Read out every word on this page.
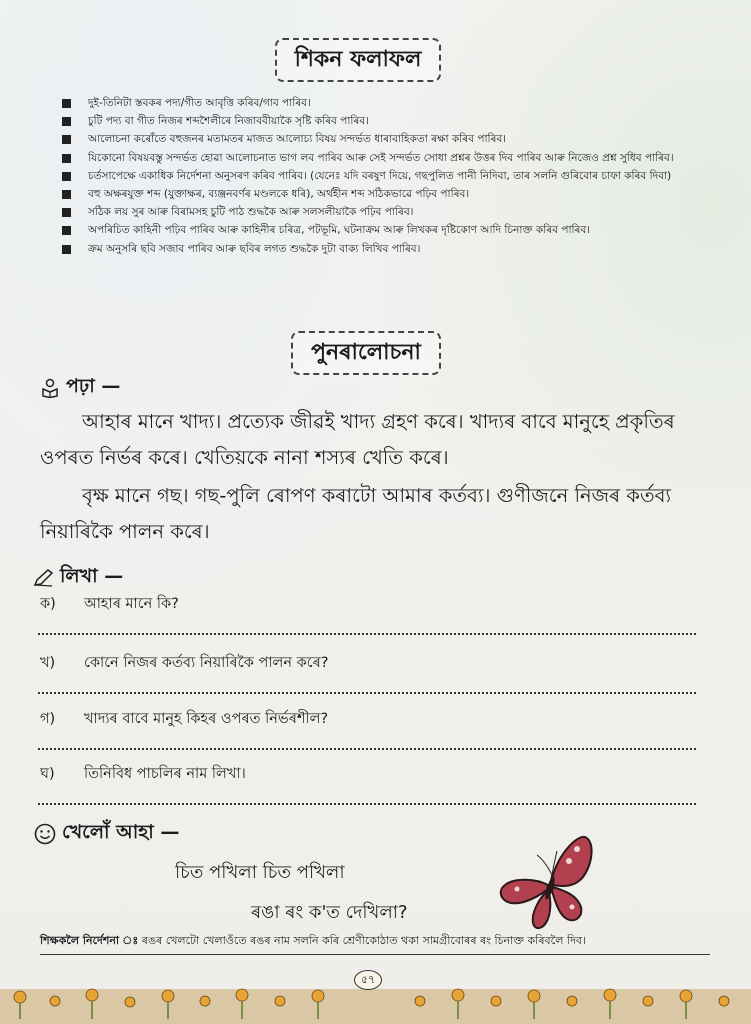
শিকন ফলাফল
দুই-তিনিটা স্তবকৰ পদ্য/গীত আবৃত্তি কৰিব/গাব পাৰিব।
চুটি পদ্য বা গীত নিজৰ শব্দশৈলীৰে নিজাববীয়াকৈ সৃষ্টি কৰিব পাৰিব।
আলোচনা কৰোঁতে বহুজনৰ মতামতৰ মাজত আলোচ্য বিষয় সন্দৰ্ভত ধাৰাবাহিকতা ৰক্ষা কৰিব পাৰিব।
যিকোনো বিষয়বস্তু সন্দৰ্ভত হোৱা আলোচনাত ভাগ লব পাৰিব আৰু সেই সন্দৰ্ভত সোধা প্ৰশ্নৰ উত্তৰ দিব পাৰিব আৰু নিজেও প্ৰশ্ন সুধিব পাৰিব।
চৰ্তসাপেক্ষে একাধিক নিৰ্দেশনা অনুসৰণ কৰিব পাৰিব। (যেনেঃ যদি বৰষুণ দিয়ে, গছপুলিত পানী নিদিবা, তাৰ সলনি গুৰিবোৰ চাফা কৰিব দিবা)
বহু অক্ষৰযুক্ত শব্দ (যুক্তাক্ষৰ, ব্যঞ্জনবৰ্ণৰ মণ্ডলকে ধৰি), অৰ্থহীন শব্দ সঠিকভাৱে পঢ়িব পাৰিব।
সঠিক লয় সুৰ আৰু বিৰামসহ চুটি পাঠ শুদ্ধকৈ আৰু সলসলীয়াকৈ পঢ়িব পাৰিব।
অপৰিচিত কাহিনী পঢ়িব পাৰিব আৰু কাহিনীৰ চৰিত্ৰ, পটভূমি, ঘটনাক্ৰম আৰু লিখকৰ দৃষ্টিকোণ আদি চিনাক্ত কৰিব পাৰিব।
ক্ৰম অনুসৰি ছবি সজাব পাৰিব আৰু ছবিৰ লগত শুদ্ধকৈ দুটা বাক্য লিখিব পাৰিব।
পুনৰালোচনা
পঢ়া —

আহাৰ মানে খাদ্য। প্ৰত্যেক জীৱই খাদ্য গ্ৰহণ কৰে। খাদ্যৰ বাবে মানুহে প্ৰকৃতিৰ ওপৰত নিৰ্ভৰ কৰে। খেতিয়কে নানা শস্যৰ খেতি কৰে।

বৃক্ষ মানে গছ। গছ-পুলি ৰোপণ কৰাটো আমাৰ কৰ্তব্য। গুণীজনে নিজৰ কৰ্তব্য নিয়াৰিকৈ পালন কৰে।

লিখা —
ক) আহাৰ মানে কি?
খ) কোনে নিজৰ কৰ্তব্য নিয়াৰিকৈ পালন কৰে?
গ) খাদ্যৰ বাবে মানুহ কিহৰ ওপৰত নিৰ্ভৰশীল?
ঘ) তিনিবিধ পাচলিৰ নাম লিখা।
খেলোঁ আহা —
চিত পখিলা চিত পখিলা
ৰঙা ৰং ক'ত দেখিলা?
শিক্ষকলৈ নিৰ্দেশনা ঃ ৰঙৰ খেলটো খেলাওঁতে ৰঙৰ নাম সলনি কৰি শ্ৰেণীকোঠাত থকা সামগ্ৰীবোৰৰ ৰং চিনাক্ত কৰিবলৈ দিব।
৫৭
